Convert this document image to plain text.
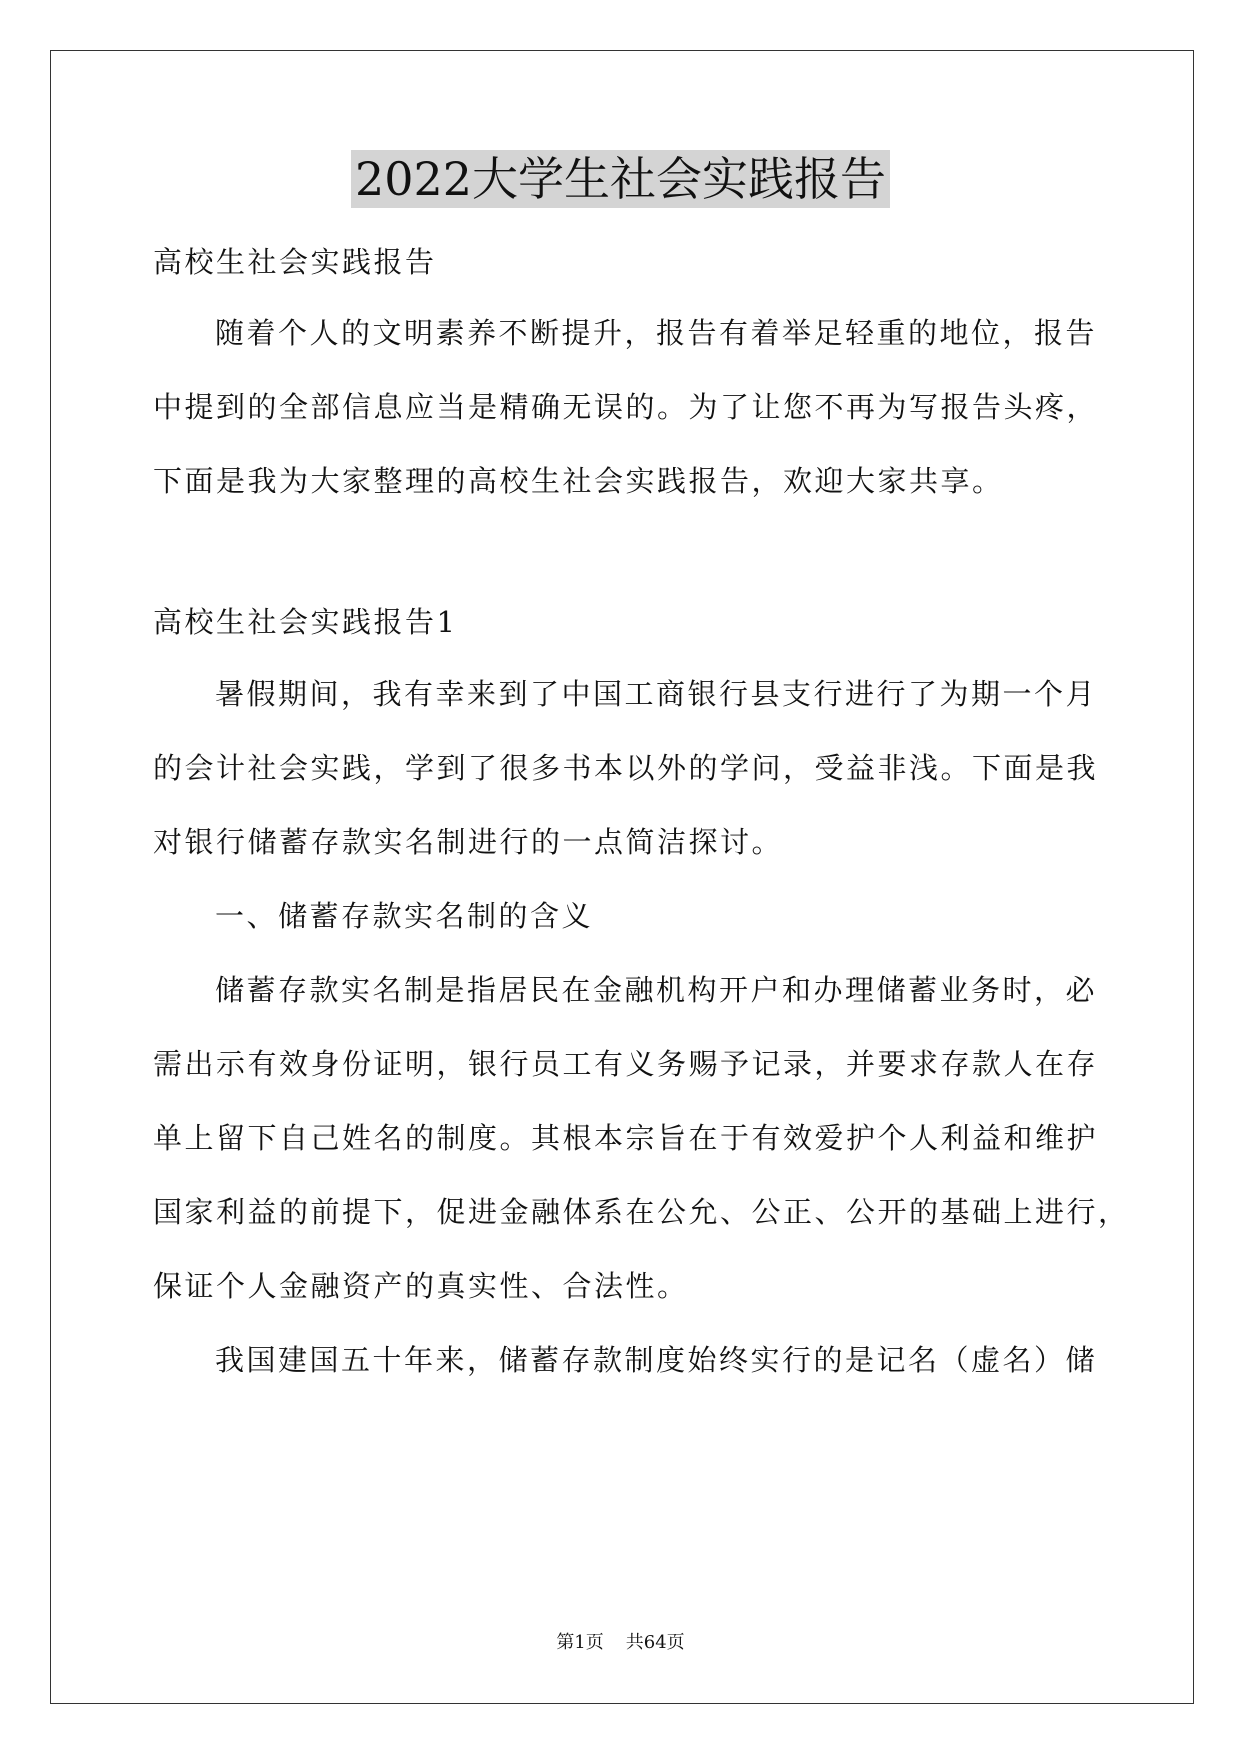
2022大学生社会实践报告
高校生社会实践报告
随着个人的文明素养不断提升，报告有着举足轻重的地位，报告
中提到的全部信息应当是精确无误的。为了让您不再为写报告头疼，
下面是我为大家整理的高校生社会实践报告，欢迎大家共享。
高校生社会实践报告1
暑假期间，我有幸来到了中国工商银行县支行进行了为期一个月
的会计社会实践，学到了很多书本以外的学问，受益非浅。下面是我
对银行储蓄存款实名制进行的一点简洁探讨。
一、储蓄存款实名制的含义
储蓄存款实名制是指居民在金融机构开户和办理储蓄业务时，必
需出示有效身份证明，银行员工有义务赐予记录，并要求存款人在存
单上留下自己姓名的制度。其根本宗旨在于有效爱护个人利益和维护
国家利益的前提下，促进金融体系在公允、公正、公开的基础上进行，
保证个人金融资产的真实性、合法性。
我国建国五十年来，储蓄存款制度始终实行的是记名（虚名）储
第1页 共64页
